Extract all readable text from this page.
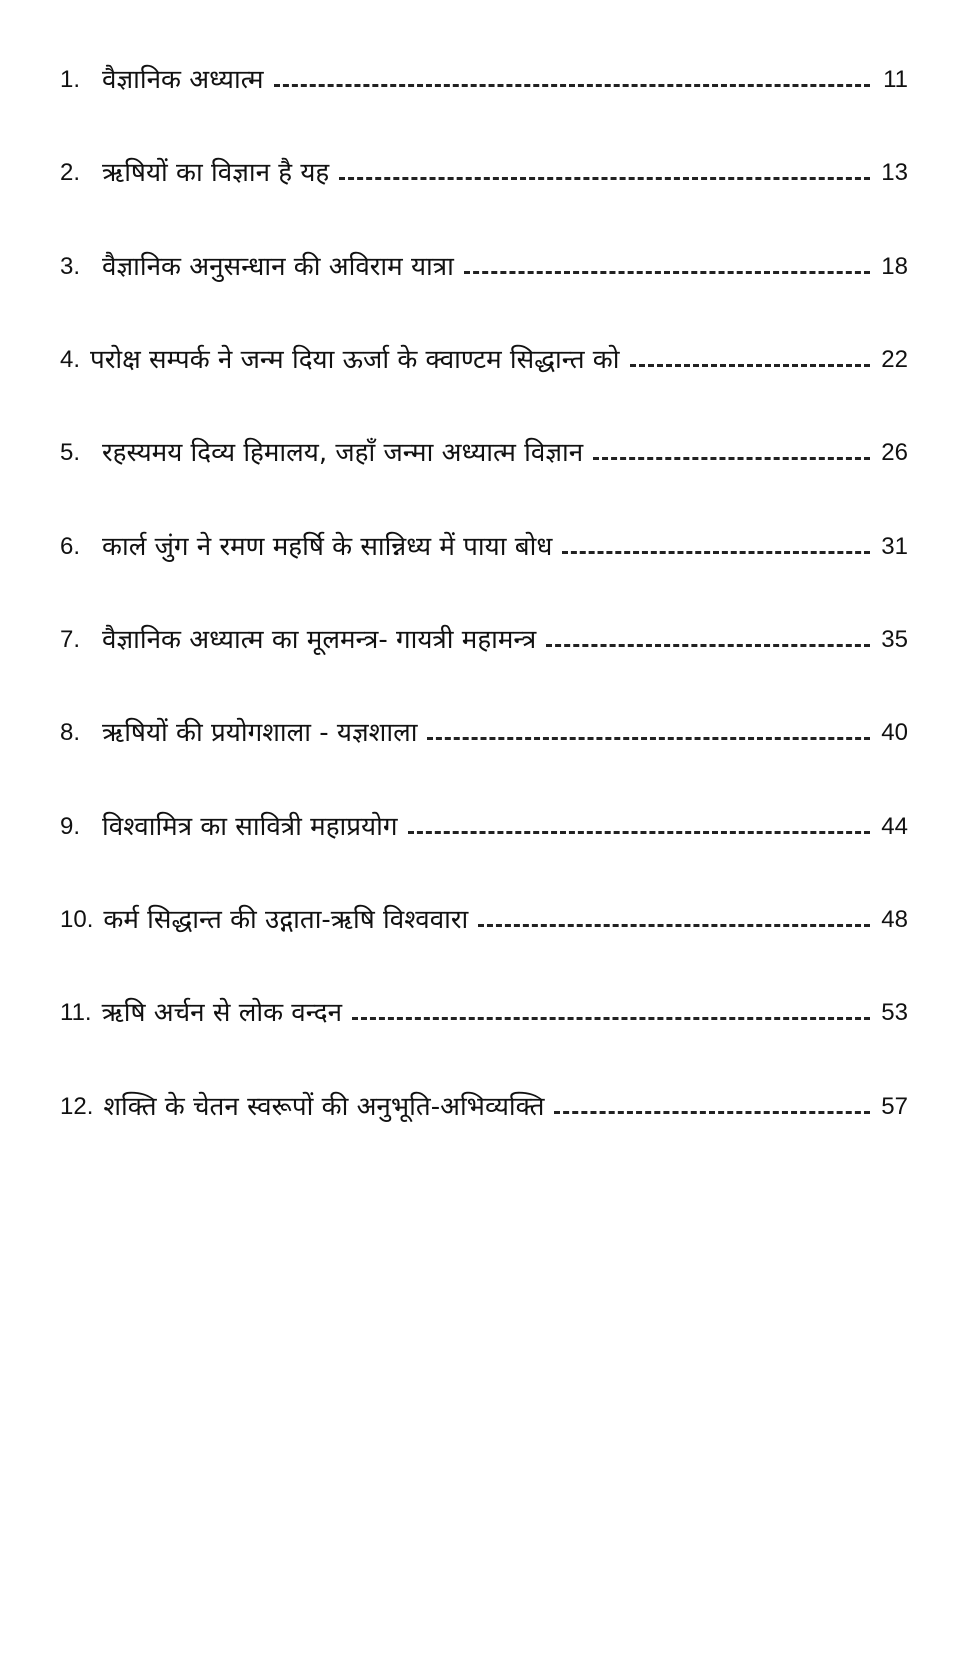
1. वैज्ञानिक अध्यात्म	11
2. ऋषियों का विज्ञान है यह	13
3. वैज्ञानिक अनुसन्धान की अविराम यात्रा	18
4. परोक्ष सम्पर्क ने जन्म दिया ऊर्जा के क्वाण्टम सिद्धान्त को	22
5. रहस्यमय दिव्य हिमालय, जहाँ जन्मा अध्यात्म विज्ञान	26
6. कार्ल जुंग ने रमण महर्षि के सान्निध्य में पाया बोध	31
7. वैज्ञानिक अध्यात्म का मूलमन्त्र- गायत्री महामन्त्र	35
8. ऋषियों की प्रयोगशाला - यज्ञशाला	40
9. विश्वामित्र का सावित्री महाप्रयोग	44
10. कर्म सिद्धान्त की उद्गाता-ऋषि विश्ववारा	48
11. ऋषि अर्चन से लोक वन्दन	53
12. शक्ति के चेतन स्वरूपों की अनुभूति-अभिव्यक्ति	57
